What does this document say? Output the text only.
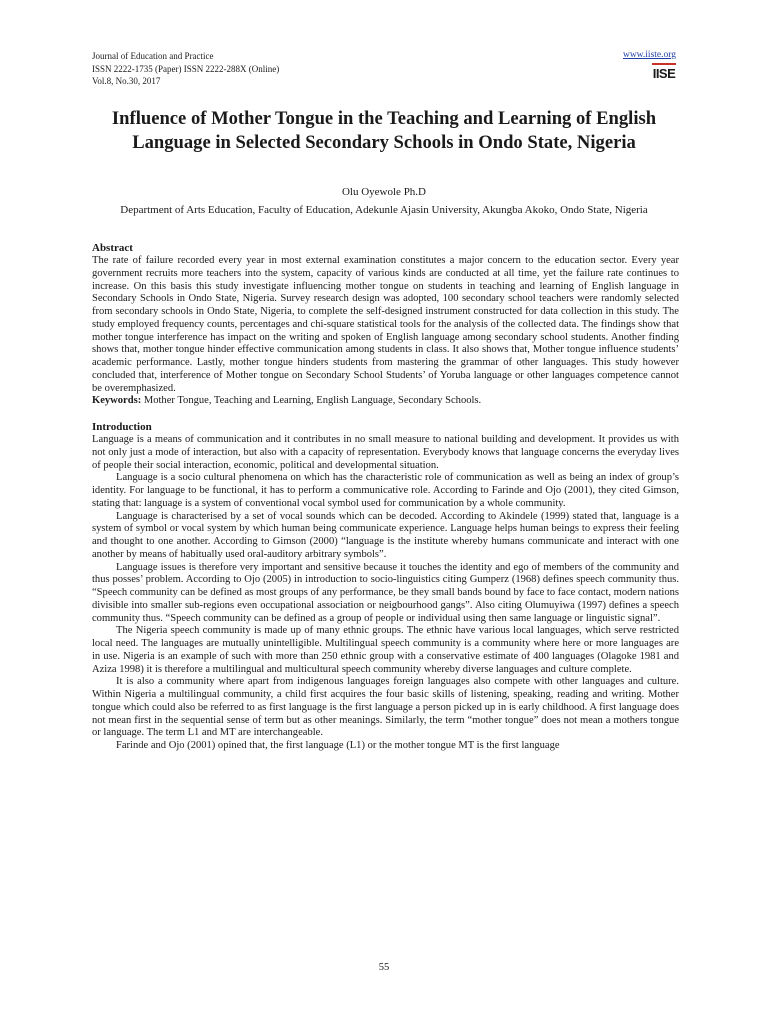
Journal of Education and Practice
ISSN 2222-1735 (Paper) ISSN 2222-288X (Online)
Vol.8, No.30, 2017
www.iiste.org
IISE
Influence of Mother Tongue in the Teaching and Learning of English Language in Selected Secondary Schools in Ondo State, Nigeria
Olu Oyewole Ph.D
Department of Arts Education, Faculty of Education, Adekunle Ajasin University, Akungba Akoko, Ondo State, Nigeria
Abstract

The rate of failure recorded every year in most external examination constitutes a major concern to the education sector. Every year government recruits more teachers into the system, capacity of various kinds are conducted at all time, yet the failure rate continues to increase. On this basis this study investigate influencing mother tongue on students in teaching and learning of English language in Secondary Schools in Ondo State, Nigeria. Survey research design was adopted, 100 secondary school teachers were randomly selected from secondary schools in Ondo State, Nigeria, to complete the self-designed instrument constructed for data collection in this study. The study employed frequency counts, percentages and chi-square statistical tools for the analysis of the collected data. The findings show that mother tongue interference has impact on the writing and spoken of English language among secondary school students. Another finding shows that, mother tongue hinder effective communication among students in class. It also shows that, Mother tongue influence students’ academic performance. Lastly, mother tongue hinders students from mastering the grammar of other languages. This study however concluded that, interference of Mother tongue on Secondary School Students’ of Yoruba language or other languages competence cannot be overemphasized.

Keywords: Mother Tongue, Teaching and Learning, English Language, Secondary Schools.

Introduction

Language is a means of communication and it contributes in no small measure to national building and development. It provides us with not only just a mode of interaction, but also with a capacity of representation. Everybody knows that language concerns the everyday lives of people their social interaction, economic, political and developmental situation.

Language is a socio cultural phenomena on which has the characteristic role of communication as well as being an index of group’s identity. For language to be functional, it has to perform a communicative role. According to Farinde and Ojo (2001), they cited Gimson, stating that: language is a system of conventional vocal symbol used for communication by a whole community.

Language is characterised by a set of vocal sounds which can be decoded. According to Akindele (1999) stated that, language is a system of symbol or vocal system by which human being communicate experience. Language helps human beings to express their feeling and thought to one another. According to Gimson (2000) “language is the institute whereby humans communicate and interact with one another by means of habitually used oral-auditory arbitrary symbols”.

Language issues is therefore very important and sensitive because it touches the identity and ego of members of the community and thus posses’ problem. According to Ojo (2005) in introduction to socio-linguistics citing Gumperz (1968) defines speech community thus. “Speech community can be defined as most groups of any performance, be they small bands bound by face to face contact, modern nations divisible into smaller sub-regions even occupational association or neigbourhood gangs”. Also citing Olumuyiwa (1997) defines a speech community thus. “Speech community can be defined as a group of people or individual using then same language or linguistic signal”.

The Nigeria speech community is made up of many ethnic groups. The ethnic have various local languages, which serve restricted local need. The languages are mutually unintelligible. Multilingual speech community is a community where here or more languages are in use. Nigeria is an example of such with more than 250 ethnic group with a conservative estimate of 400 languages (Olagoke 1981 and Aziza 1998) it is therefore a multilingual and multicultural speech community whereby diverse languages and culture complete.

It is also a community where apart from indigenous languages foreign languages also compete with other languages and culture. Within Nigeria a multilingual community, a child first acquires the four basic skills of listening, speaking, reading and writing. Mother tongue which could also be referred to as first language is the first language a person picked up in is early childhood. A first language does not mean first in the sequential sense of term but as other meanings. Similarly, the term “mother tongue” does not mean a mothers tongue or language. The term L1 and MT are interchangeable.

Farinde and Ojo (2001) opined that, the first language (L1) or the mother tongue MT is the first language

55
